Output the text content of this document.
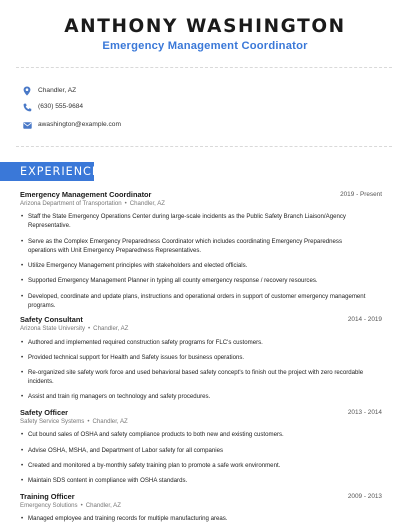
ANTHONY WASHINGTON
Emergency Management Coordinator
Chandler, AZ
(630) 555-9684
awashington@example.com
EXPERIENCE
Emergency Management Coordinator	2019 - Present
Arizona Department of Transportation • Chandler, AZ
• Staff the State Emergency Operations Center during large-scale incidents as the Public Safety Branch Liaison/Agency Representative.
• Serve as the Complex Emergency Preparedness Coordinator which includes coordinating Emergency Preparedness operations with Unit Emergency Preparedness Representatives.
• Utilize Emergency Management principles with stakeholders and elected officials.
• Supported Emergency Management Planner in typing all county emergency response / recovery resources.
• Developed, coordinate and update plans, instructions and operational orders in support of customer emergency management programs.
Safety Consultant	2014 - 2019
Arizona State University • Chandler, AZ
• Authored and implemented required construction safety programs for FLC's customers.
• Provided technical support for Health and Safety issues for business operations.
• Re-organized site safety work force and used behavioral based safety concept's to finish out the project with zero recordable incidents.
• Assist and train rig managers on technology and safety procedures.
Safety Officer	2013 - 2014
Safety Service Systems • Chandler, AZ
• Cut bound sales of OSHA and safety compliance products to both new and existing customers.
• Advise OSHA, MSHA, and Department of Labor safety for all companies
• Created and monitored a by-monthly safety training plan to promote a safe work environment.
• Maintain SDS content in compliance with OSHA standards.
Training Officer	2009 - 2013
Emergency Solutions • Chandler, AZ
• Managed employee and training records for multiple manufacturing areas.
